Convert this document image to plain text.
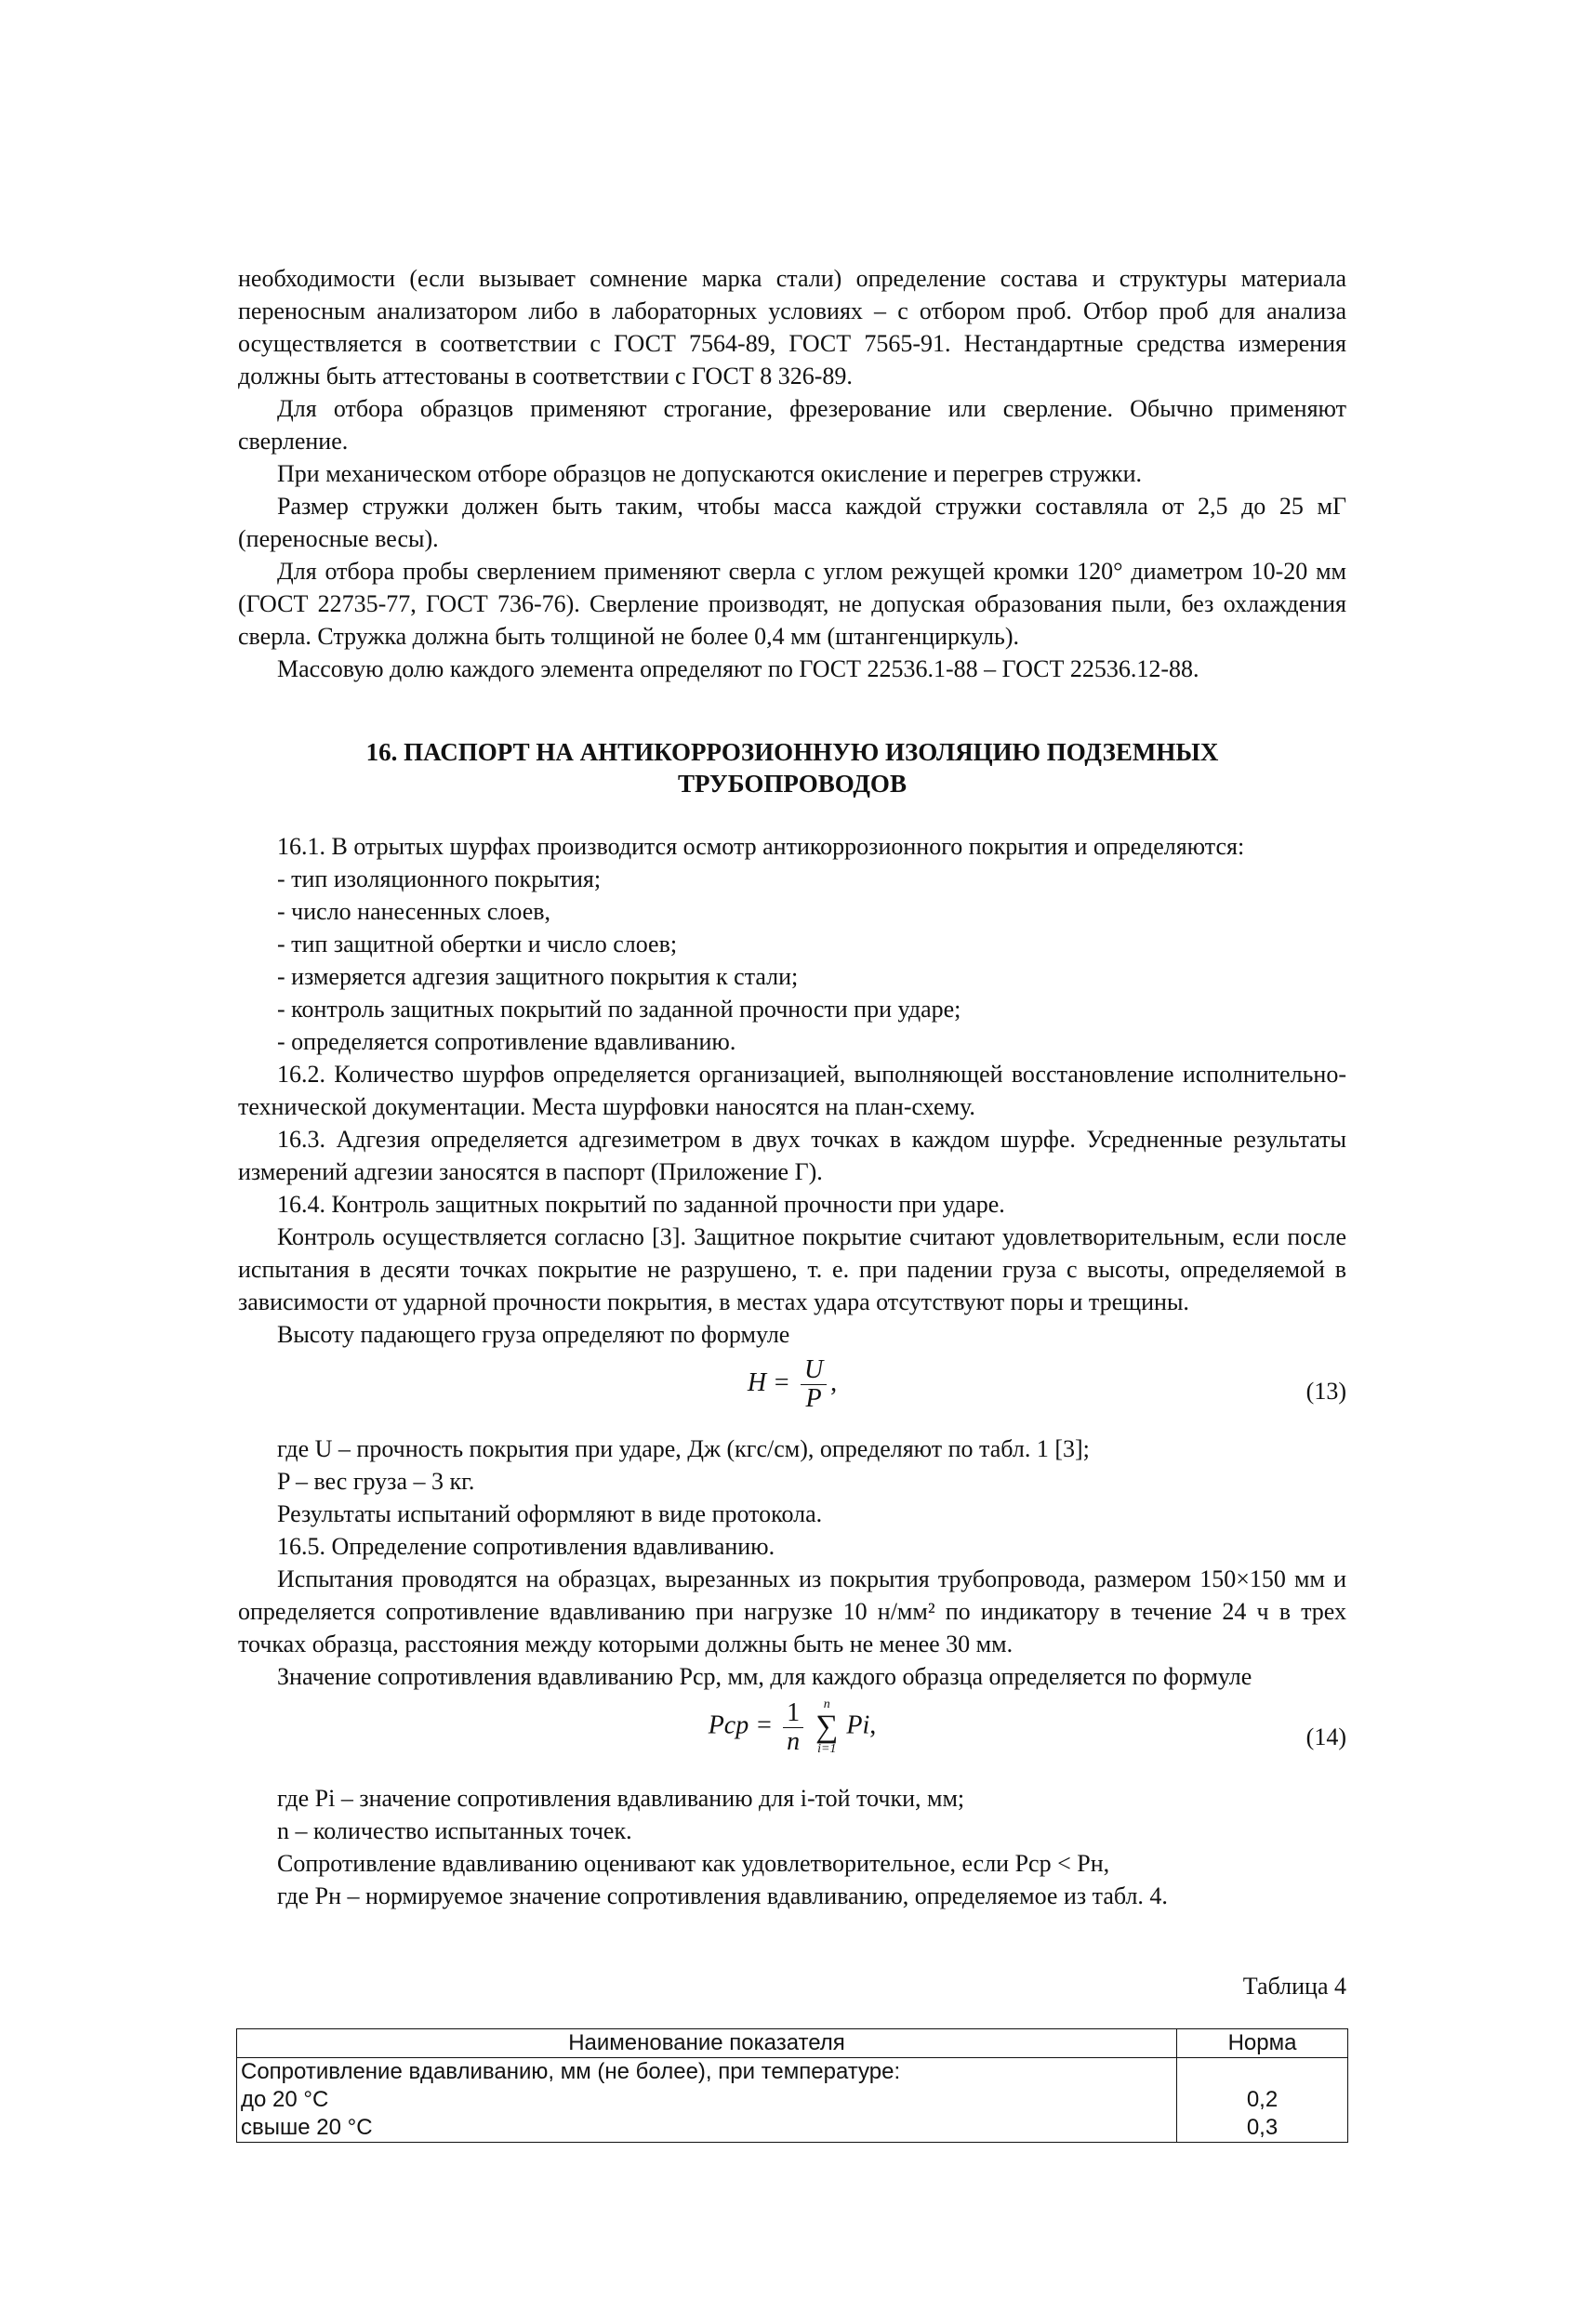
необходимости (если вызывает сомнение марка стали) определение состава и структуры материала переносным анализатором либо в лабораторных условиях – с отбором проб. Отбор проб для анализа осуществляется в соответствии с ГОСТ 7564-89, ГОСТ 7565-91. Нестандартные средства измерения должны быть аттестованы в соответствии с ГОСТ 8 326-89.

Для отбора образцов применяют строгание, фрезерование или сверление. Обычно применяют сверление.

При механическом отборе образцов не допускаются окисление и перегрев стружки.

Размер стружки должен быть таким, чтобы масса каждой стружки составляла от 2,5 до 25 мГ (переносные весы).

Для отбора пробы сверлением применяют сверла с углом режущей кромки 120° диаметром 10-20 мм (ГОСТ 22735-77, ГОСТ 736-76). Сверление производят, не допуская образования пыли, без охлаждения сверла. Стружка должна быть толщиной не более 0,4 мм (штангенциркуль).

Массовую долю каждого элемента определяют по ГОСТ 22536.1-88 – ГОСТ 22536.12-88.

16. ПАСПОРТ НА АНТИКОРРОЗИОННУЮ ИЗОЛЯЦИЮ ПОДЗЕМНЫХ
ТРУБОПРОВОДОВ

16.1. В отрытых шурфах производится осмотр антикоррозионного покрытия и определяются:

- тип изоляционного покрытия;

- число нанесенных слоев,

- тип защитной обертки и число слоев;

- измеряется адгезия защитного покрытия к стали;

- контроль защитных покрытий по заданной прочности при ударе;

- определяется сопротивление вдавливанию.

16.2. Количество шурфов определяется организацией, выполняющей восстановление исполнительно-технической документации. Места шурфовки наносятся на план-схему.

16.3. Адгезия определяется адгезиметром в двух точках в каждом шурфе. Усредненные результаты измерений адгезии заносятся в паспорт (Приложение Г).

16.4. Контроль защитных покрытий по заданной прочности при ударе.

Контроль осуществляется согласно [3]. Защитное покрытие считают удовлетворительным, если после испытания в десяти точках покрытие не разрушено, т. е. при падении груза с высоты, определяемой в зависимости от ударной прочности покрытия, в местах удара отсутствуют поры и трещины.

Высоту падающего груза определяют по формуле

$H = \frac{U}{P}$ ,	(13)

где U – прочность покрытия при ударе, Дж (кгс/см), определяют по табл. 1 [3];

P – вес груза – 3 кг.

Результаты испытаний оформляют в виде протокола.

16.5. Определение сопротивления вдавливанию.

Испытания проводятся на образцах, вырезанных из покрытия трубопровода, размером 150×150 мм и определяется сопротивление вдавливанию при нагрузке 10 н/мм² по индикатору в течение 24 ч в трех точках образца, расстояния между которыми должны быть не менее 30 мм.

Значение сопротивления вдавливанию Pср, мм, для каждого образца определяется по формуле

Pср = $\frac{1}{n}$
	n
∑
i=1
Pi,	(14)

где Pi – значение сопротивления вдавливанию для i-той точки, мм;

n – количество испытанных точек.

Сопротивление вдавливанию оценивают как удовлетворительное, если Pср < Pн,

где Pн – нормируемое значение сопротивления вдавливанию, определяемое из табл. 4.

Таблица 4
Наименование показателя	Норма
Сопротивление вдавливанию, мм (не более), при температуре:	
до 20 °С	0,2
свыше 20 °С	0,3
